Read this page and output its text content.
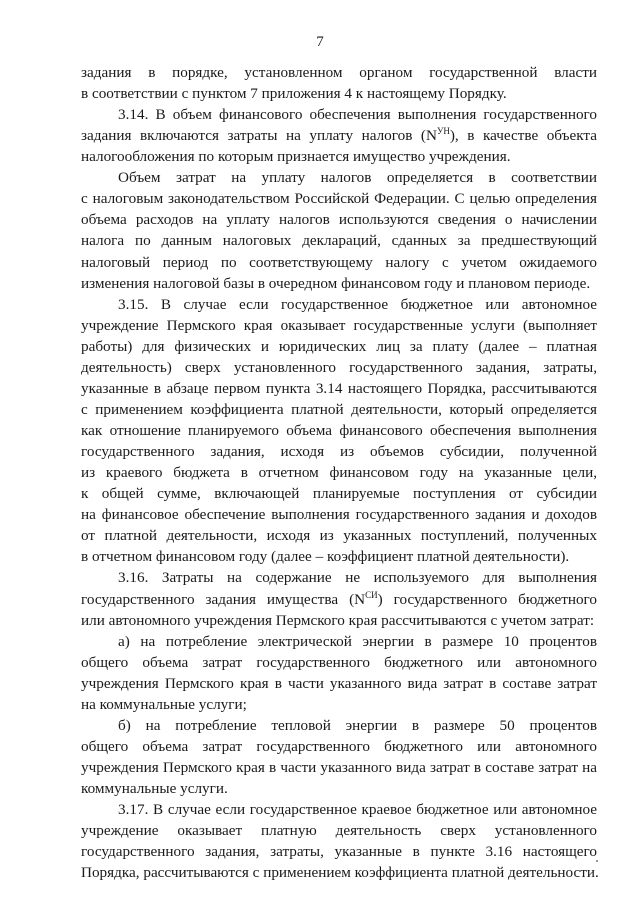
7
задания в порядке, установленном органом государственной власти
в соответствии с пунктом 7 приложения 4 к настоящему Порядку.
3.14. В объем финансового обеспечения выполнения государственного
задания включаются затраты на уплату налогов $(N^{УН})$, в качестве объекта
налогообложения по которым признается имущество учреждения.
Объем затрат на уплату налогов определяется в соответствии
с налоговым законодательством Российской Федерации. С целью определения
объема расходов на уплату налогов используются сведения о начислении
налога по данным налоговых деклараций, сданных за предшествующий
налоговый период по соответствующему налогу с учетом ожидаемого
изменения налоговой базы в очередном финансовом году и плановом периоде.
3.15. В случае если государственное бюджетное или автономное
учреждение Пермского края оказывает государственные услуги (выполняет
работы) для физических и юридических лиц за плату (далее – платная
деятельность) сверх установленного государственного задания, затраты,
указанные в абзаце первом пункта 3.14 настоящего Порядка, рассчитываются
с применением коэффициента платной деятельности, который определяется
как отношение планируемого объема финансового обеспечения выполнения
государственного задания, исходя из объемов субсидии, полученной
из краевого бюджета в отчетном финансовом году на указанные цели,
к общей сумме, включающей планируемые поступления от субсидии
на финансовое обеспечение выполнения государственного задания и доходов
от платной деятельности, исходя из указанных поступлений, полученных
в отчетном финансовом году (далее – коэффициент платной деятельности).
3.16. Затраты на содержание не используемого для выполнения
государственного задания имущества $(N^{СИ})$ государственного бюджетного
или автономного учреждения Пермского края рассчитываются с учетом затрат:
а) на потребление электрической энергии в размере 10 процентов
общего объема затрат государственного бюджетного или автономного
учреждения Пермского края в части указанного вида затрат в составе затрат
на коммунальные услуги;
б) на потребление тепловой энергии в размере 50 процентов
общего объема затрат государственного бюджетного или автономного
учреждения Пермского края в части указанного вида затрат в составе затрат на
коммунальные услуги.
3.17. В случае если государственное краевое бюджетное или автономное
учреждение оказывает платную деятельность сверх установленного
государственного задания, затраты, указанные в пункте 3.16 настоящего
Порядка, рассчитываются с применением коэффициента платной деятельности.
